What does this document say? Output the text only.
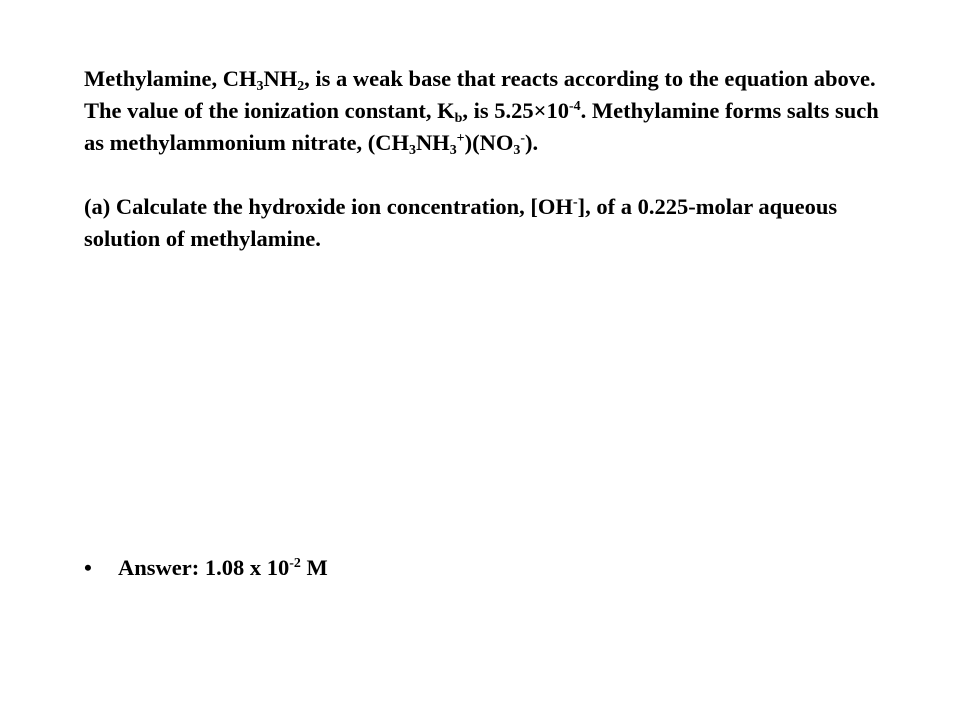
Methylamine, $CH_3NH_2$, is a weak base that reacts according to the equation above. The value of the ionization constant, $K_b$, is $5.25\times 10^{-4}$. Methylamine forms salts such as methylammonium nitrate, $(CH_3NH_3^+)(NO_3^-)$.

(a) Calculate the hydroxide ion concentration, [OH-], of a 0.225-molar aqueous solution of methylamine.

• Answer: 1.08 x $10^{-2}$ M
